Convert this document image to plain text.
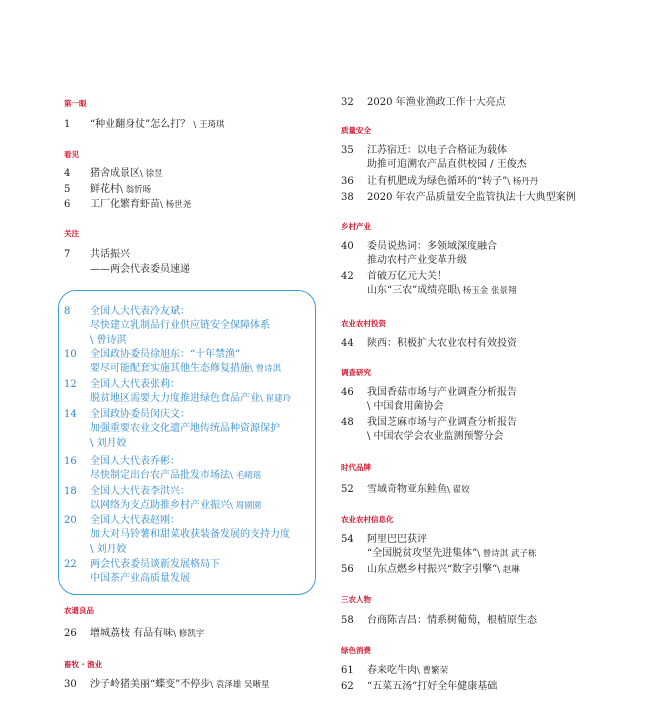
第一眼
1 “种业翻身仗”怎么打？ \ 王琦琪
看见
4 猪舍成景区\ 徐昱
5 鲜花村\ 翁忻旸
6 工厂化繁育虾苗\ 杨世尧
关注
7 共话振兴
——两会代表委员速递
8 全国人大代表冷友斌：
尽快建立乳制品行业供应链安全保障体系
\ 曾诗淇
10 全国政协委员徐旭东：“十年禁渔”
要尽可能配套实施其他生态修复措施\ 曾诗淇
12 全国人大代表张莉：
脱贫地区需要大力度推进绿色食品产业\ 崔建玲
14 全国政协委员闵庆文：
加强重要农业文化遗产地传统品种资源保护
\ 刘月姣
16 全国人大代表乔彬：
尽快制定出台农产品批发市场法\ 毛晴瑶
18 全国人大代表李洪兴：
以网络为支点助推乡村产业振兴\ 周園園
20 全国人大代表赵刚：
加大对马铃薯和甜菜收获装备发展的支持力度
\ 刘月姣
22 两会代表委员谈新发展格局下
中国茶产业高质量发展
农遗良品
26 增城荔枝 有品有味\ 修凯宇
畜牧 · 渔业
30 沙子岭猪美丽“蝶变”不停步\ 袁泽雄 吴晰星
32 2020 年渔业渔政工作十大亮点
质量安全
35 江苏宿迁：以电子合格证为载体
助推可追溯农产品直供校园 / 王俊杰
36 让有机肥成为绿色循环的“转子”\ 杨丹丹
38 2020 年农产品质量安全监管执法十大典型案例
乡村产业
40 委员说热词：多领域深度融合
推动农村产业变革升级
42 首破万亿元大关！
山东“三农”成绩亮眼\ 杨玉金 张景翔
农业农村投资
44 陕西：积极扩大农业农村有效投资
调查研究
46 我国香菇市场与产业调查分析报告
\ 中国食用菌协会
48 我国芝麻市场与产业调查分析报告
\ 中国农学会农业监测预警分会
时代品牌
52 雪域奇物亚东鲑鱼\ 翟姣
农业农村信息化
54 阿里巴巴获评
“全国脱贫攻坚先进集体”\ 曾诗淇 武子栋
56 山东点燃乡村振兴“数字引擎”\ 赵琳
三农人物
58 台商陈吉昌：情系树葡萄，根植原生态
绿色消费
61 春来吃牛肉\ 曹繁荣
62 “五菜五汤”打好全年健康基础
